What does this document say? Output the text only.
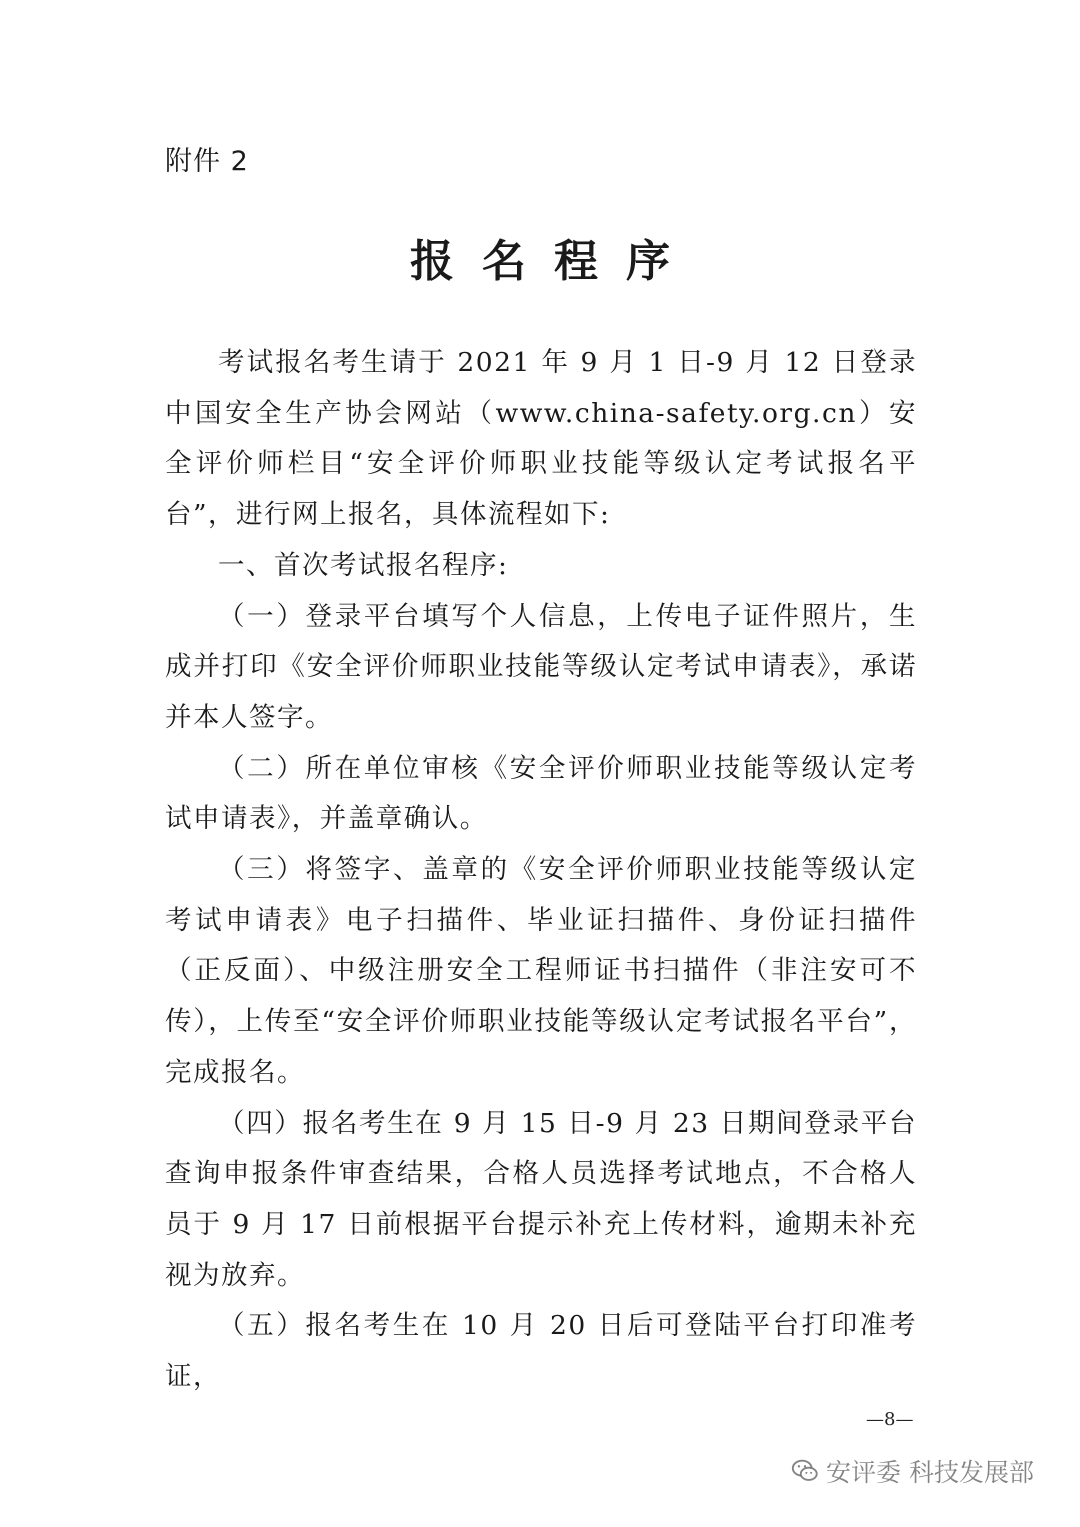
附件 2
报名程序

考试报名考生请于 2021 年 9 月 1 日-9 月 12 日登录中国安全生产协会网站（www.china-safety.org.cn）安全评价师栏目“安全评价师职业技能等级认定考试报名平台”，进行网上报名，具体流程如下:

一、首次考试报名程序:

（一）登录平台填写个人信息，上传电子证件照片，生成并打印《安全评价师职业技能等级认定考试申请表》，承诺并本人签字。

（二）所在单位审核《安全评价师职业技能等级认定考试申请表》，并盖章确认。

（三）将签字、盖章的《安全评价师职业技能等级认定考试申请表》电子扫描件、毕业证扫描件、身份证扫描件（正反面）、中级注册安全工程师证书扫描件（非注安可不传），上传至“安全评价师职业技能等级认定考试报名平台”，完成报名。

（四）报名考生在 9 月 15 日-9 月 23 日期间登录平台查询申报条件审查结果，合格人员选择考试地点，不合格人员于 9 月 17 日前根据平台提示补充上传材料，逾期未补充视为放弃。

（五）报名考生在 10 月 20 日后可登陆平台打印准考证，

—8—
安评委 科技发展部
